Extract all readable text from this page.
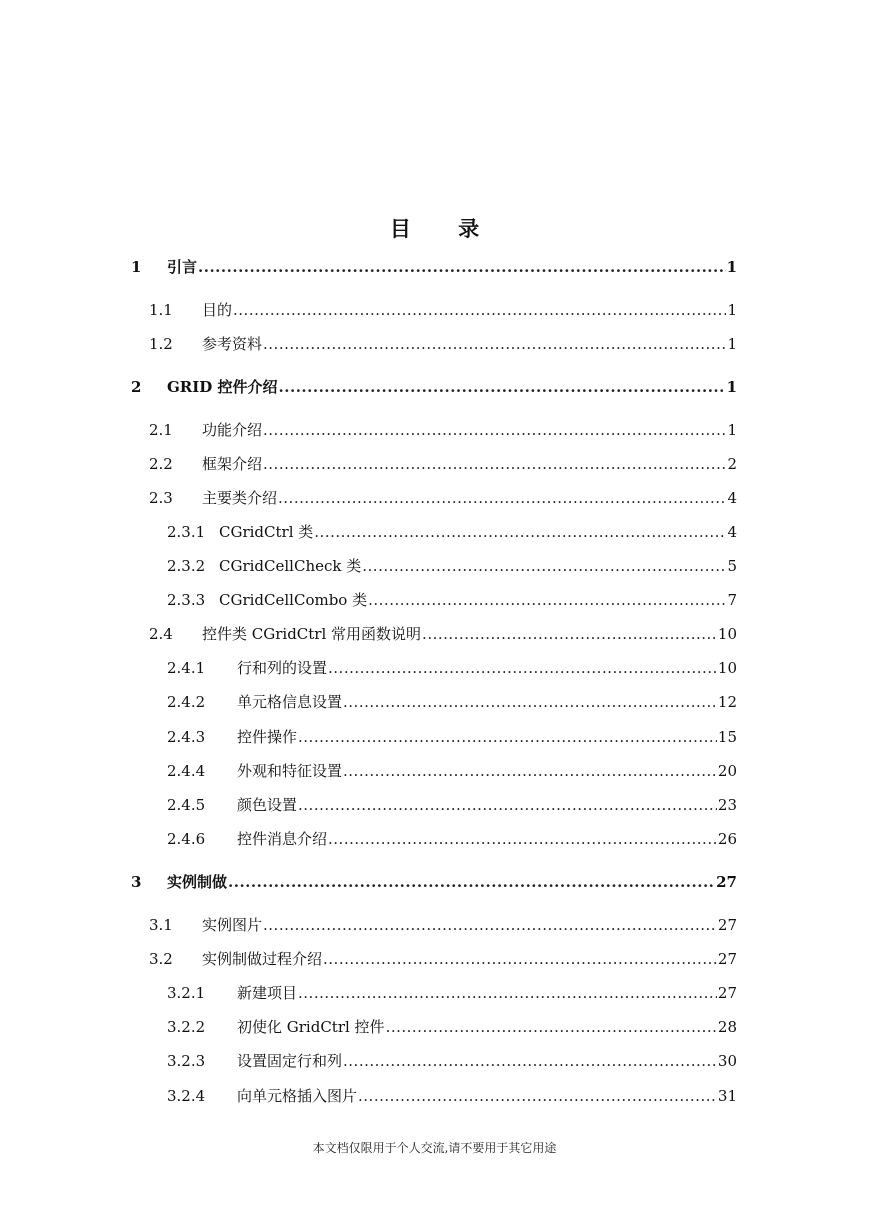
目 录
1	引言 .....	1
1.1	目的 .....	1
1.2	参考资料 .....	1
2	GRID 控件介绍 .....	1
2.1	功能介绍 .....	1
2.2	框架介绍 .....	2
2.3	主要类介绍 .....	4
2.3.1 CGridCtrl 类 .....	4
2.3.2 CGridCellCheck 类 .....	5
2.3.3 CGridCellCombo 类 .....	7
2.4	控件类 CGridCtrl 常用函数说明 .....	10
2.4.1	行和列的设置 .....	10
2.4.2	单元格信息设置 .....	12
2.4.3	控件操作 .....	15
2.4.4	外观和特征设置 .....	20
2.4.5	颜色设置 .....	23
2.4.6	控件消息介绍 .....	26
3	实例制做 .....	27
3.1	实例图片 .....	27
3.2	实例制做过程介绍 .....	27
3.2.1	新建项目 .....	27
3.2.2	初使化 GridCtrl 控件 .....	28
3.2.3	设置固定行和列 .....	30
3.2.4	向单元格插入图片 .....	31
本文档仅限用于个人交流,请不要用于其它用途
